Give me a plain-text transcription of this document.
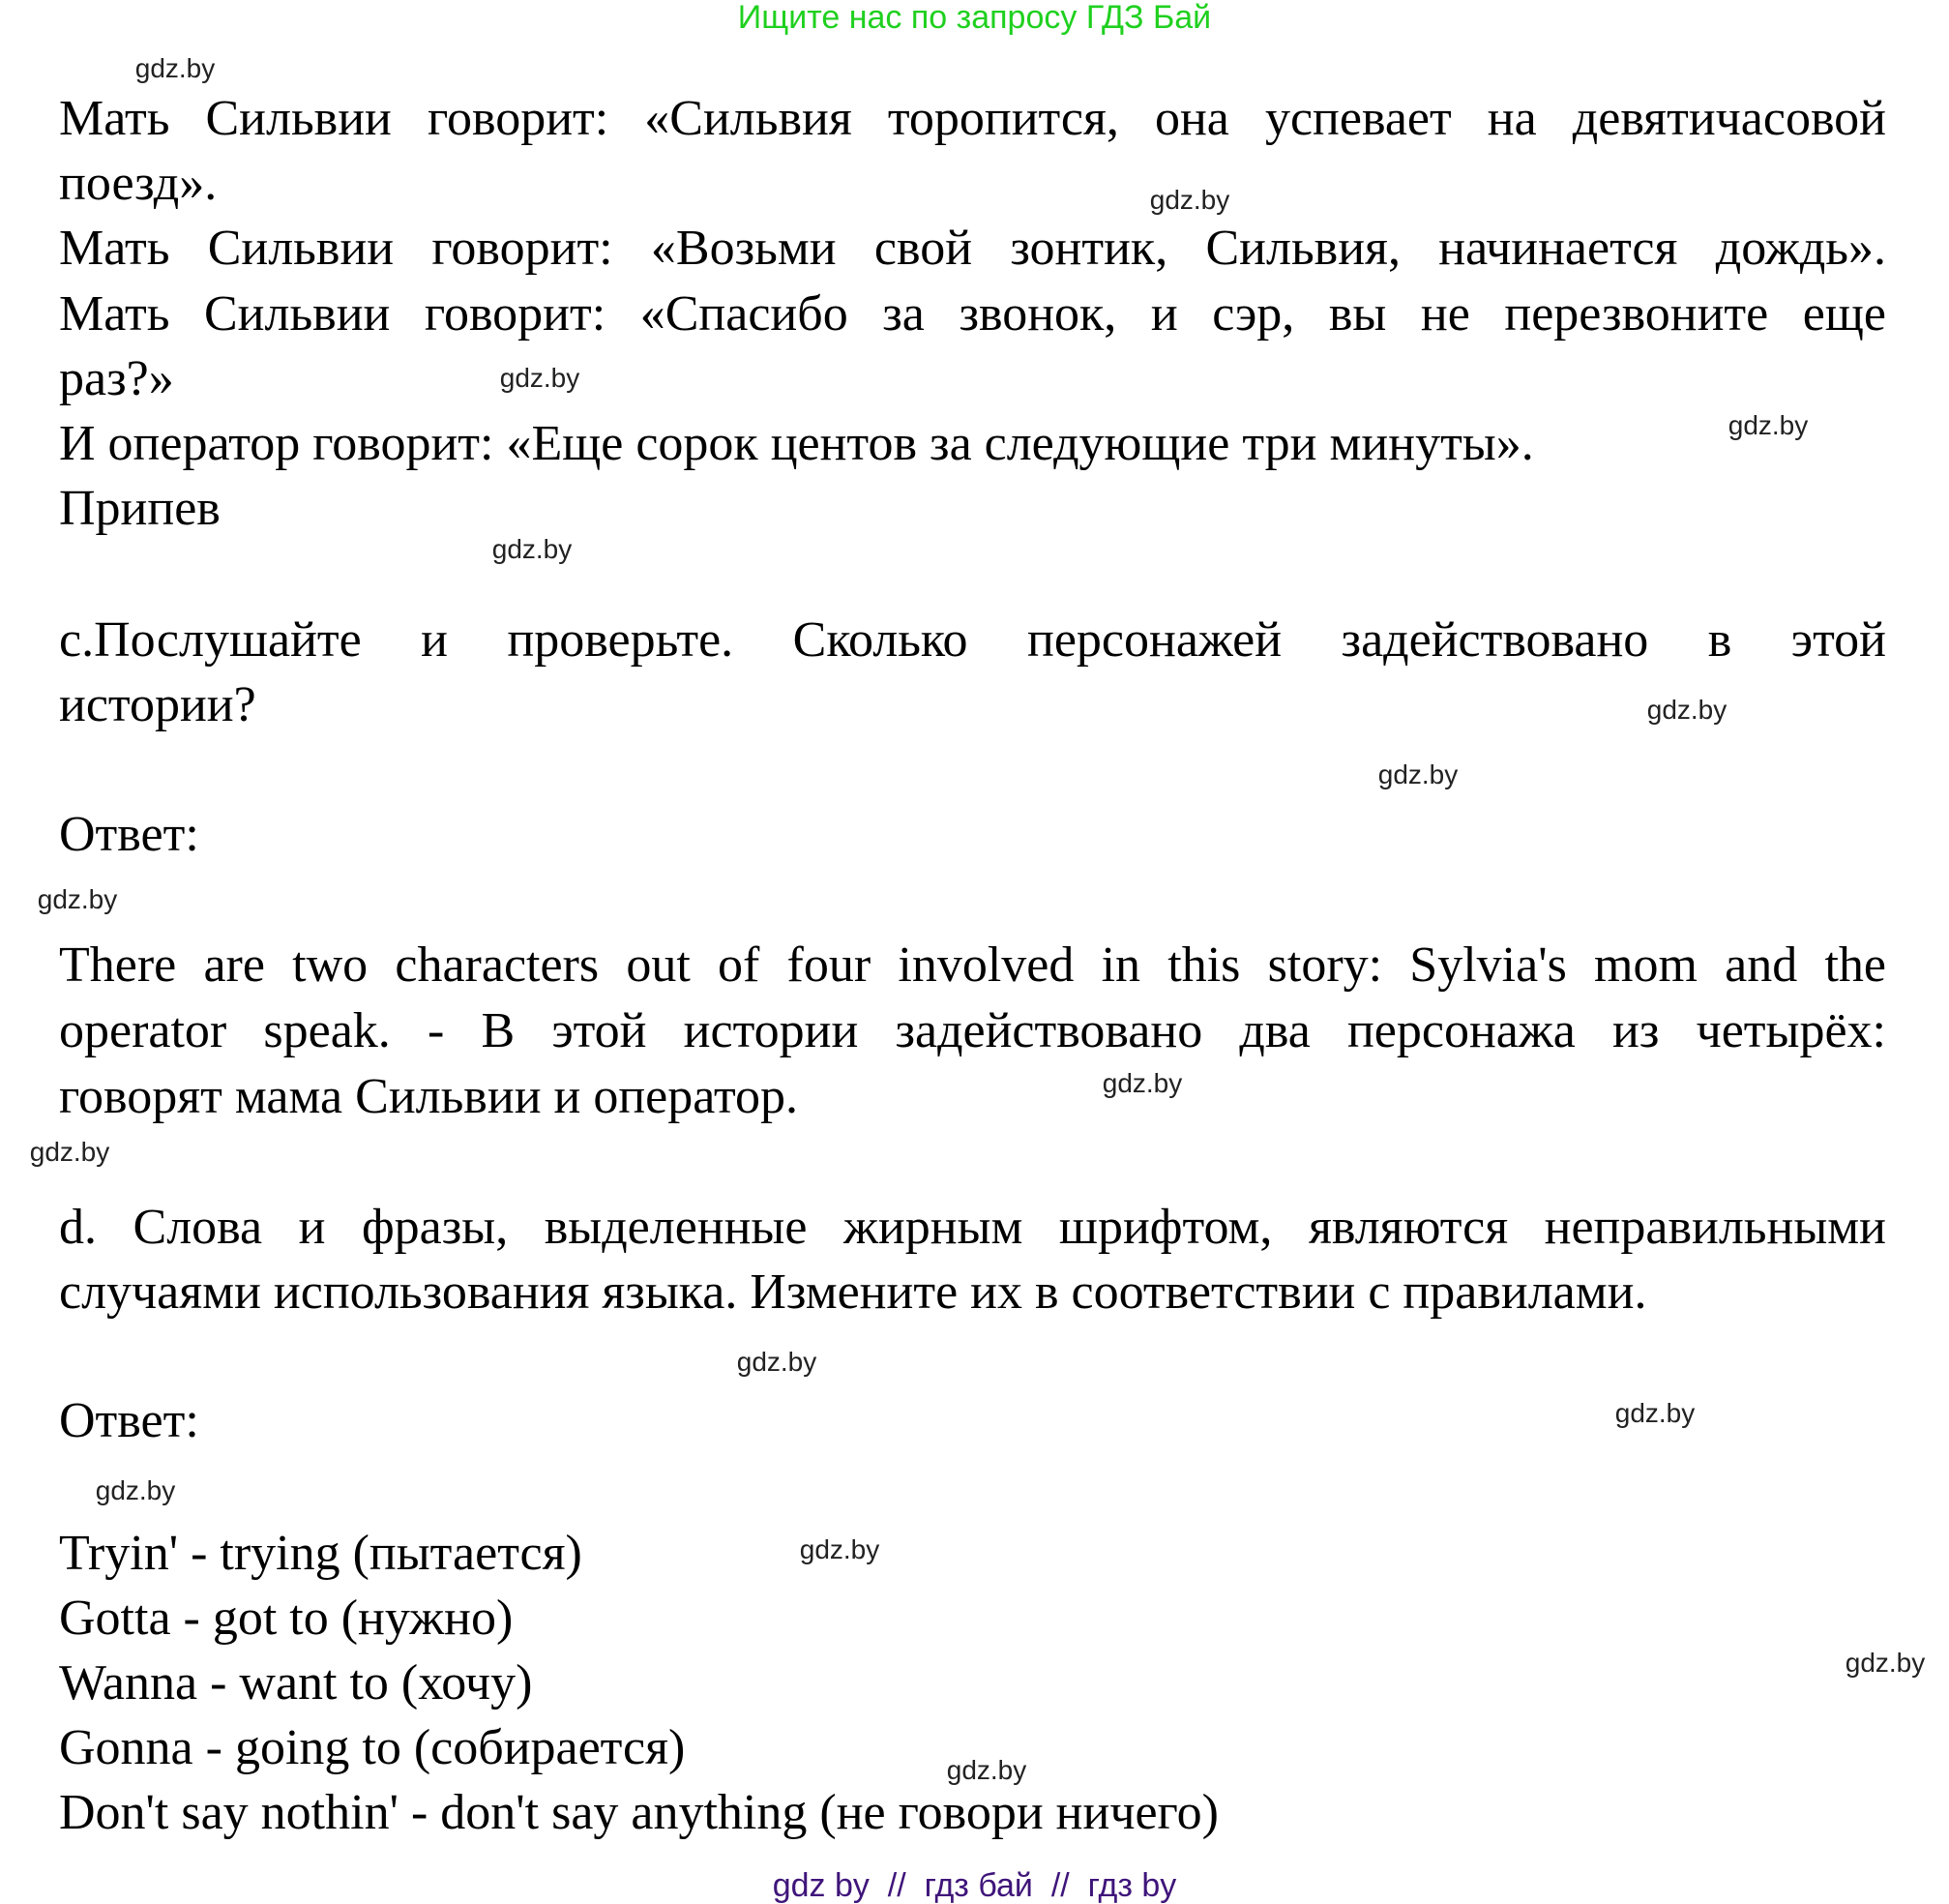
Ищите нас по запросу ГДЗ Бай
Мать Сильвии говорит: «Сильвия торопится, она успевает на девятичасовой
поезд».
Мать Сильвии говорит: «Возьми свой зонтик, Сильвия, начинается дождь».
Мать Сильвии говорит: «Спасибо за звонок, и сэр, вы не перезвоните еще
раз?»
И оператор говорит: «Еще сорок центов за следующие три минуты».
Припев
c.Послушайте и проверьте. Сколько персонажей задействовано в этой
истории?
Ответ:
There are two characters out of four involved in this story: Sylvia's mom and the
operator speak. - В этой истории задействовано два персонажа из четырёх:
говорят мама Сильвии и оператор.
d. Слова и фразы, выделенные жирным шрифтом, являются неправильными
случаями использования языка. Измените их в соответствии с правилами.
Ответ:
Tryin' - trying (пытается)
Gotta - got to (нужно)
Wanna - want to (хочу)
Gonna - going to (собирается)
Don't say nothin' - don't say anything (не говори ничего)
gdz.by
gdz.by
gdz.by
gdz.by
gdz.by
gdz.by
gdz.by
gdz.by
gdz.by
gdz.by
gdz.by
gdz.by
gdz.by
gdz.by
gdz.by
gdz.by
gdz by  //  гдз бай  //  гдз by
